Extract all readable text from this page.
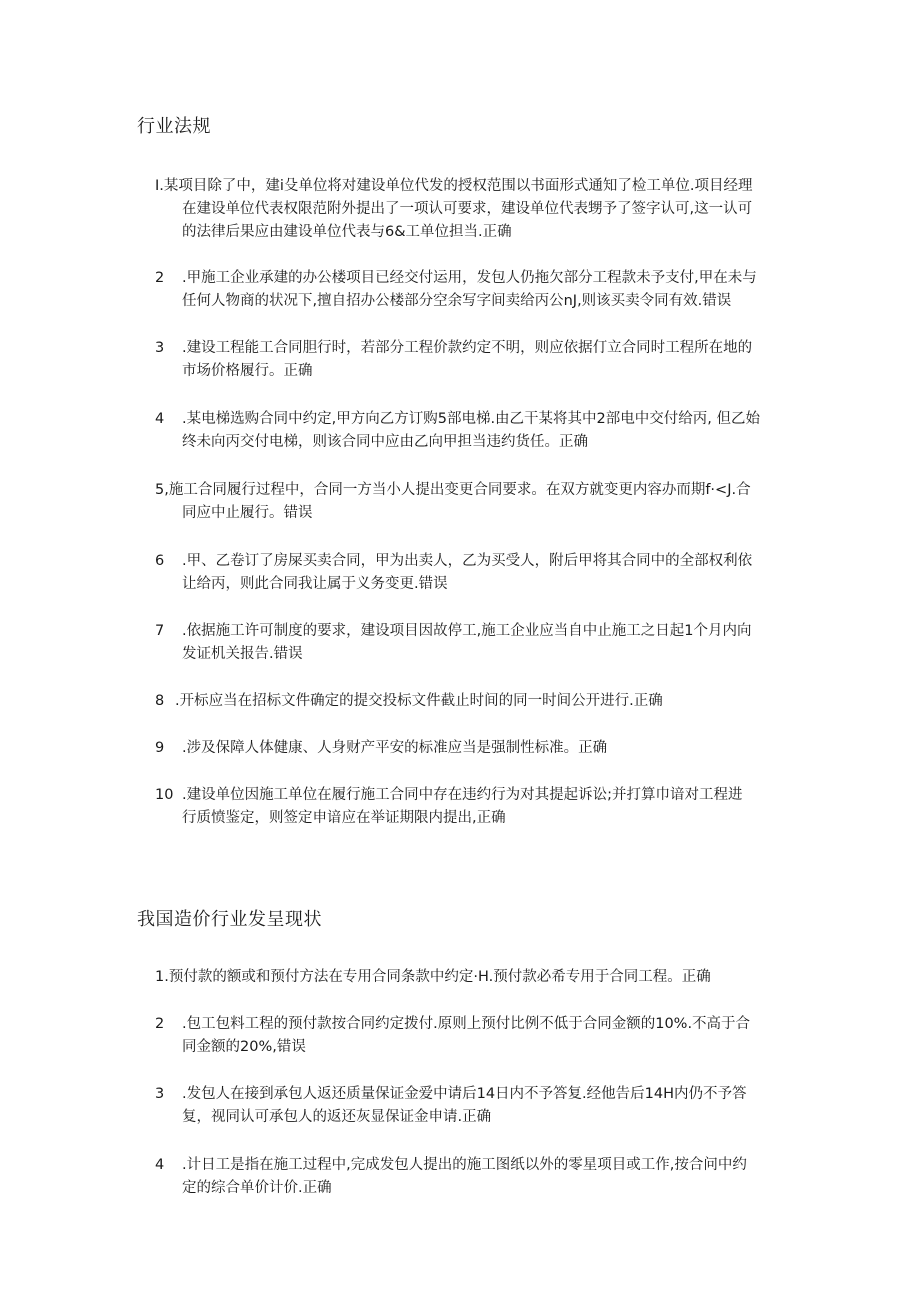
行业法规
I.某项目除了中，建i殳单位将对建设单位代发的授权范围以书面形式通知了检工单位.项目经理
在建设单位代表权限范附外提出了一项认可要求，建设单位代表甥予了签字认可,这一认可
的法律后果应由建设单位代表与6&工单位担当.正确
2	.甲施工企业承建的办公楼项目已经交付运用，发包人仍拖欠部分工程款未予支付,甲在未与
任何人物商的状况下,擅自招办公楼部分空余写字间卖给丙公nJ,则该买卖令同有效.错误
3	.建设工程能工合同胆行时，若部分工程价款约定不明，则应依据仃立合同时工程所在地的
市场价格履行。正确
4	.某电梯选购合同中约定,甲方向乙方订购5部电梯.由乙干某将其中2部电中交付给丙, 但乙始
终未向丙交付电梯，则该合同中应由乙向甲担当违约货任。正确
5,施工合同履行过程中，合同一方当小人提出变更合同要求。在双方就变更内容办而期f·<J.合
同应中止履行。错误
6	.甲、乙卷订了房屎买卖合同，甲为出卖人，乙为买受人，附后甲将其合同中的全部权利依
让给丙，则此合同我让属于义务变更.错误
7	.依据施工许可制度的要求，建设项目因故停工,施工企业应当自中止施工之日起1个月内向
发证机关报告.错误
8 .开标应当在招标文件确定的提交投标文件截止时间的同一时间公开进行.正确
9	.涉及保障人体健康、人身财产平安的标准应当是强制性标准。正确
10 .建设单位因施工单位在履行施工合同中存在违约行为对其提起诉讼;并打算巾谙对工程进
行质愤鉴定，则签定申谙应在举证期限内提出,正确
我国造价行业发呈现状
1.预付款的额或和预付方法在专用合同条款中约定·H.预付款必希专用于合同工程。正确
2	.包工包料工程的预付款按合同约定拨付.原则上预付比例不低于合同金额的10%.不高于合
同金额的20%,错误
3	.发包人在接到承包人返还质量保证金爱中请后14日内不予答复.经他告后14H内仍不予答
复，视同认可承包人的返还灰显保证金申请.正确
4	.计日工是指在施工过程中,完成发包人提出的施工图纸以外的零星项目或工作,按合问中约
定的综合单价计价.正确
